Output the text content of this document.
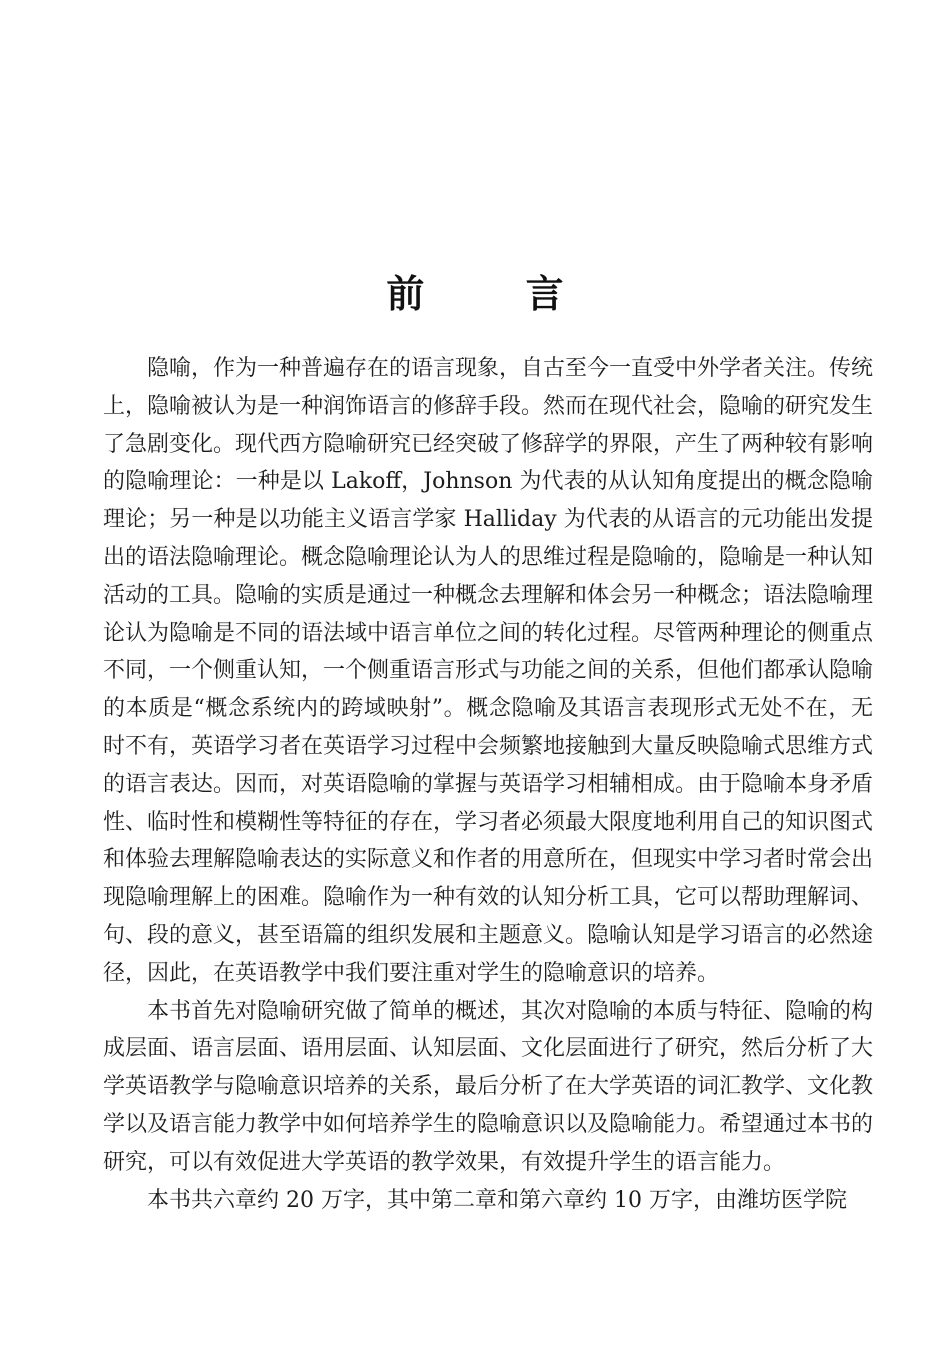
前 言

隐喻，作为一种普遍存在的语言现象，自古至今一直受中外学者关注。传统上，隐喻被认为是一种润饰语言的修辞手段。然而在现代社会，隐喻的研究发生了急剧变化。现代西方隐喻研究已经突破了修辞学的界限，产生了两种较有影响的隐喻理论：一种是以 Lakoff，Johnson 为代表的从认知角度提出的概念隐喻理论；另一种是以功能主义语言学家 Halliday 为代表的从语言的元功能出发提出的语法隐喻理论。概念隐喻理论认为人的思维过程是隐喻的，隐喻是一种认知活动的工具。隐喻的实质是通过一种概念去理解和体会另一种概念；语法隐喻理论认为隐喻是不同的语法域中语言单位之间的转化过程。尽管两种理论的侧重点不同，一个侧重认知，一个侧重语言形式与功能之间的关系，但他们都承认隐喻的本质是“概念系统内的跨域映射”。概念隐喻及其语言表现形式无处不在，无时不有，英语学习者在英语学习过程中会频繁地接触到大量反映隐喻式思维方式的语言表达。因而，对英语隐喻的掌握与英语学习相辅相成。由于隐喻本身矛盾性、临时性和模糊性等特征的存在，学习者必须最大限度地利用自己的知识图式和体验去理解隐喻表达的实际意义和作者的用意所在，但现实中学习者时常会出现隐喻理解上的困难。隐喻作为一种有效的认知分析工具，它可以帮助理解词、句、段的意义，甚至语篇的组织发展和主题意义。隐喻认知是学习语言的必然途径，因此，在英语教学中我们要注重对学生的隐喻意识的培养。

本书首先对隐喻研究做了简单的概述，其次对隐喻的本质与特征、隐喻的构成层面、语言层面、语用层面、认知层面、文化层面进行了研究，然后分析了大学英语教学与隐喻意识培养的关系，最后分析了在大学英语的词汇教学、文化教学以及语言能力教学中如何培养学生的隐喻意识以及隐喻能力。希望通过本书的研究，可以有效促进大学英语的教学效果，有效提升学生的语言能力。

本书共六章约 20 万字，其中第二章和第六章约 10 万字，由潍坊医学院
